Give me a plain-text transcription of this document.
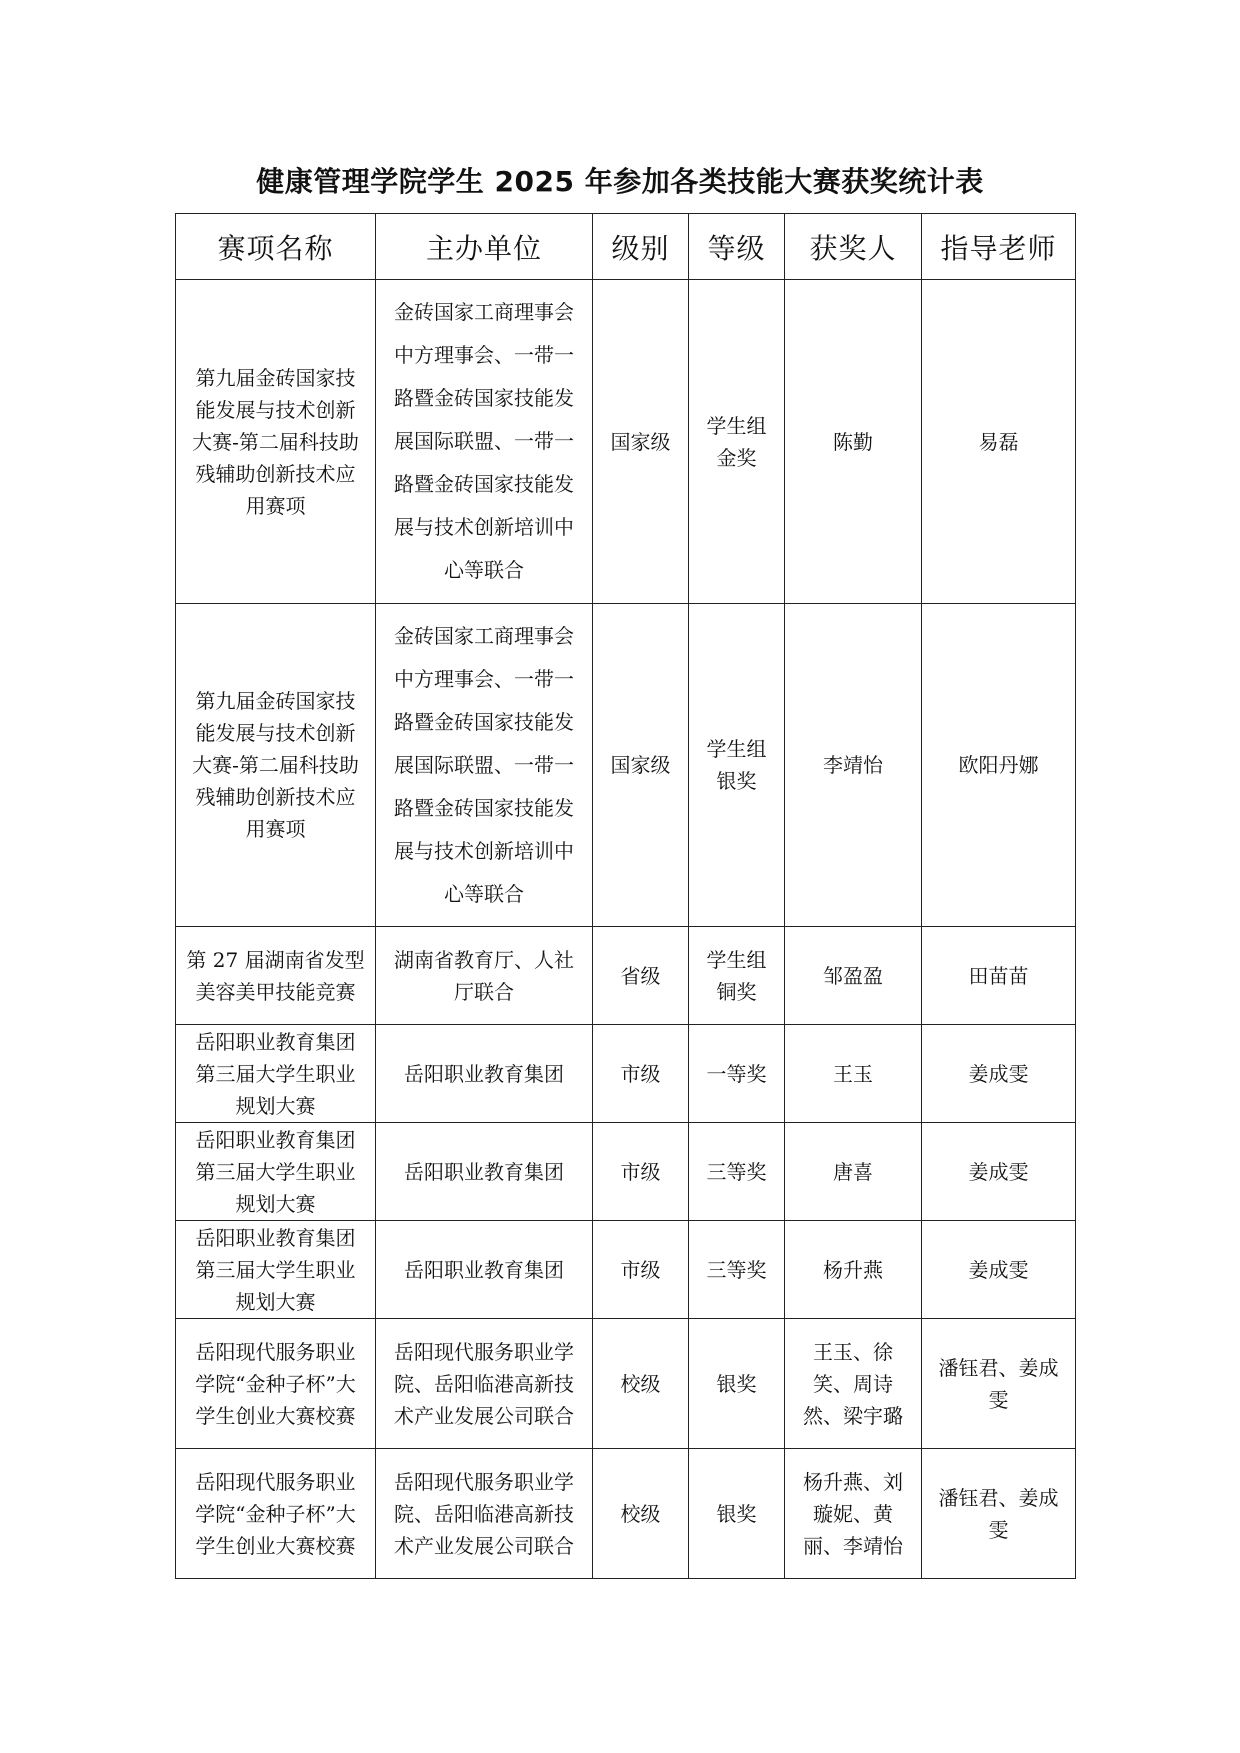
健康管理学院学生 2025 年参加各类技能大赛获奖统计表
赛项名称	主办单位	级别	等级	获奖人	指导老师
第九届金砖国家技能发展与技术创新大赛-第二届科技助残辅助创新技术应用赛项	金砖国家工商理事会中方理事会、一带一路暨金砖国家技能发展国际联盟、一带一路暨金砖国家技能发展与技术创新培训中心等联合	国家级	学生组金奖	陈勤	易磊
第九届金砖国家技能发展与技术创新大赛-第二届科技助残辅助创新技术应用赛项	金砖国家工商理事会中方理事会、一带一路暨金砖国家技能发展国际联盟、一带一路暨金砖国家技能发展与技术创新培训中心等联合	国家级	学生组银奖	李靖怡	欧阳丹娜
第 27 届湖南省发型美容美甲技能竞赛	湖南省教育厅、人社厅联合	省级	学生组铜奖	邹盈盈	田苗苗
岳阳职业教育集团第三届大学生职业规划大赛	岳阳职业教育集团	市级	一等奖	王玉	姜成雯
岳阳职业教育集团第三届大学生职业规划大赛	岳阳职业教育集团	市级	三等奖	唐喜	姜成雯
岳阳职业教育集团第三届大学生职业规划大赛	岳阳职业教育集团	市级	三等奖	杨升燕	姜成雯
岳阳现代服务职业学院“金种子杯”大学生创业大赛校赛	岳阳现代服务职业学院、岳阳临港高新技术产业发展公司联合	校级	银奖	王玉、徐笑、周诗然、梁宇璐	潘钰君、姜成雯
岳阳现代服务职业学院“金种子杯”大学生创业大赛校赛	岳阳现代服务职业学院、岳阳临港高新技术产业发展公司联合	校级	银奖	杨升燕、刘璇妮、黄丽、李靖怡	潘钰君、姜成雯
